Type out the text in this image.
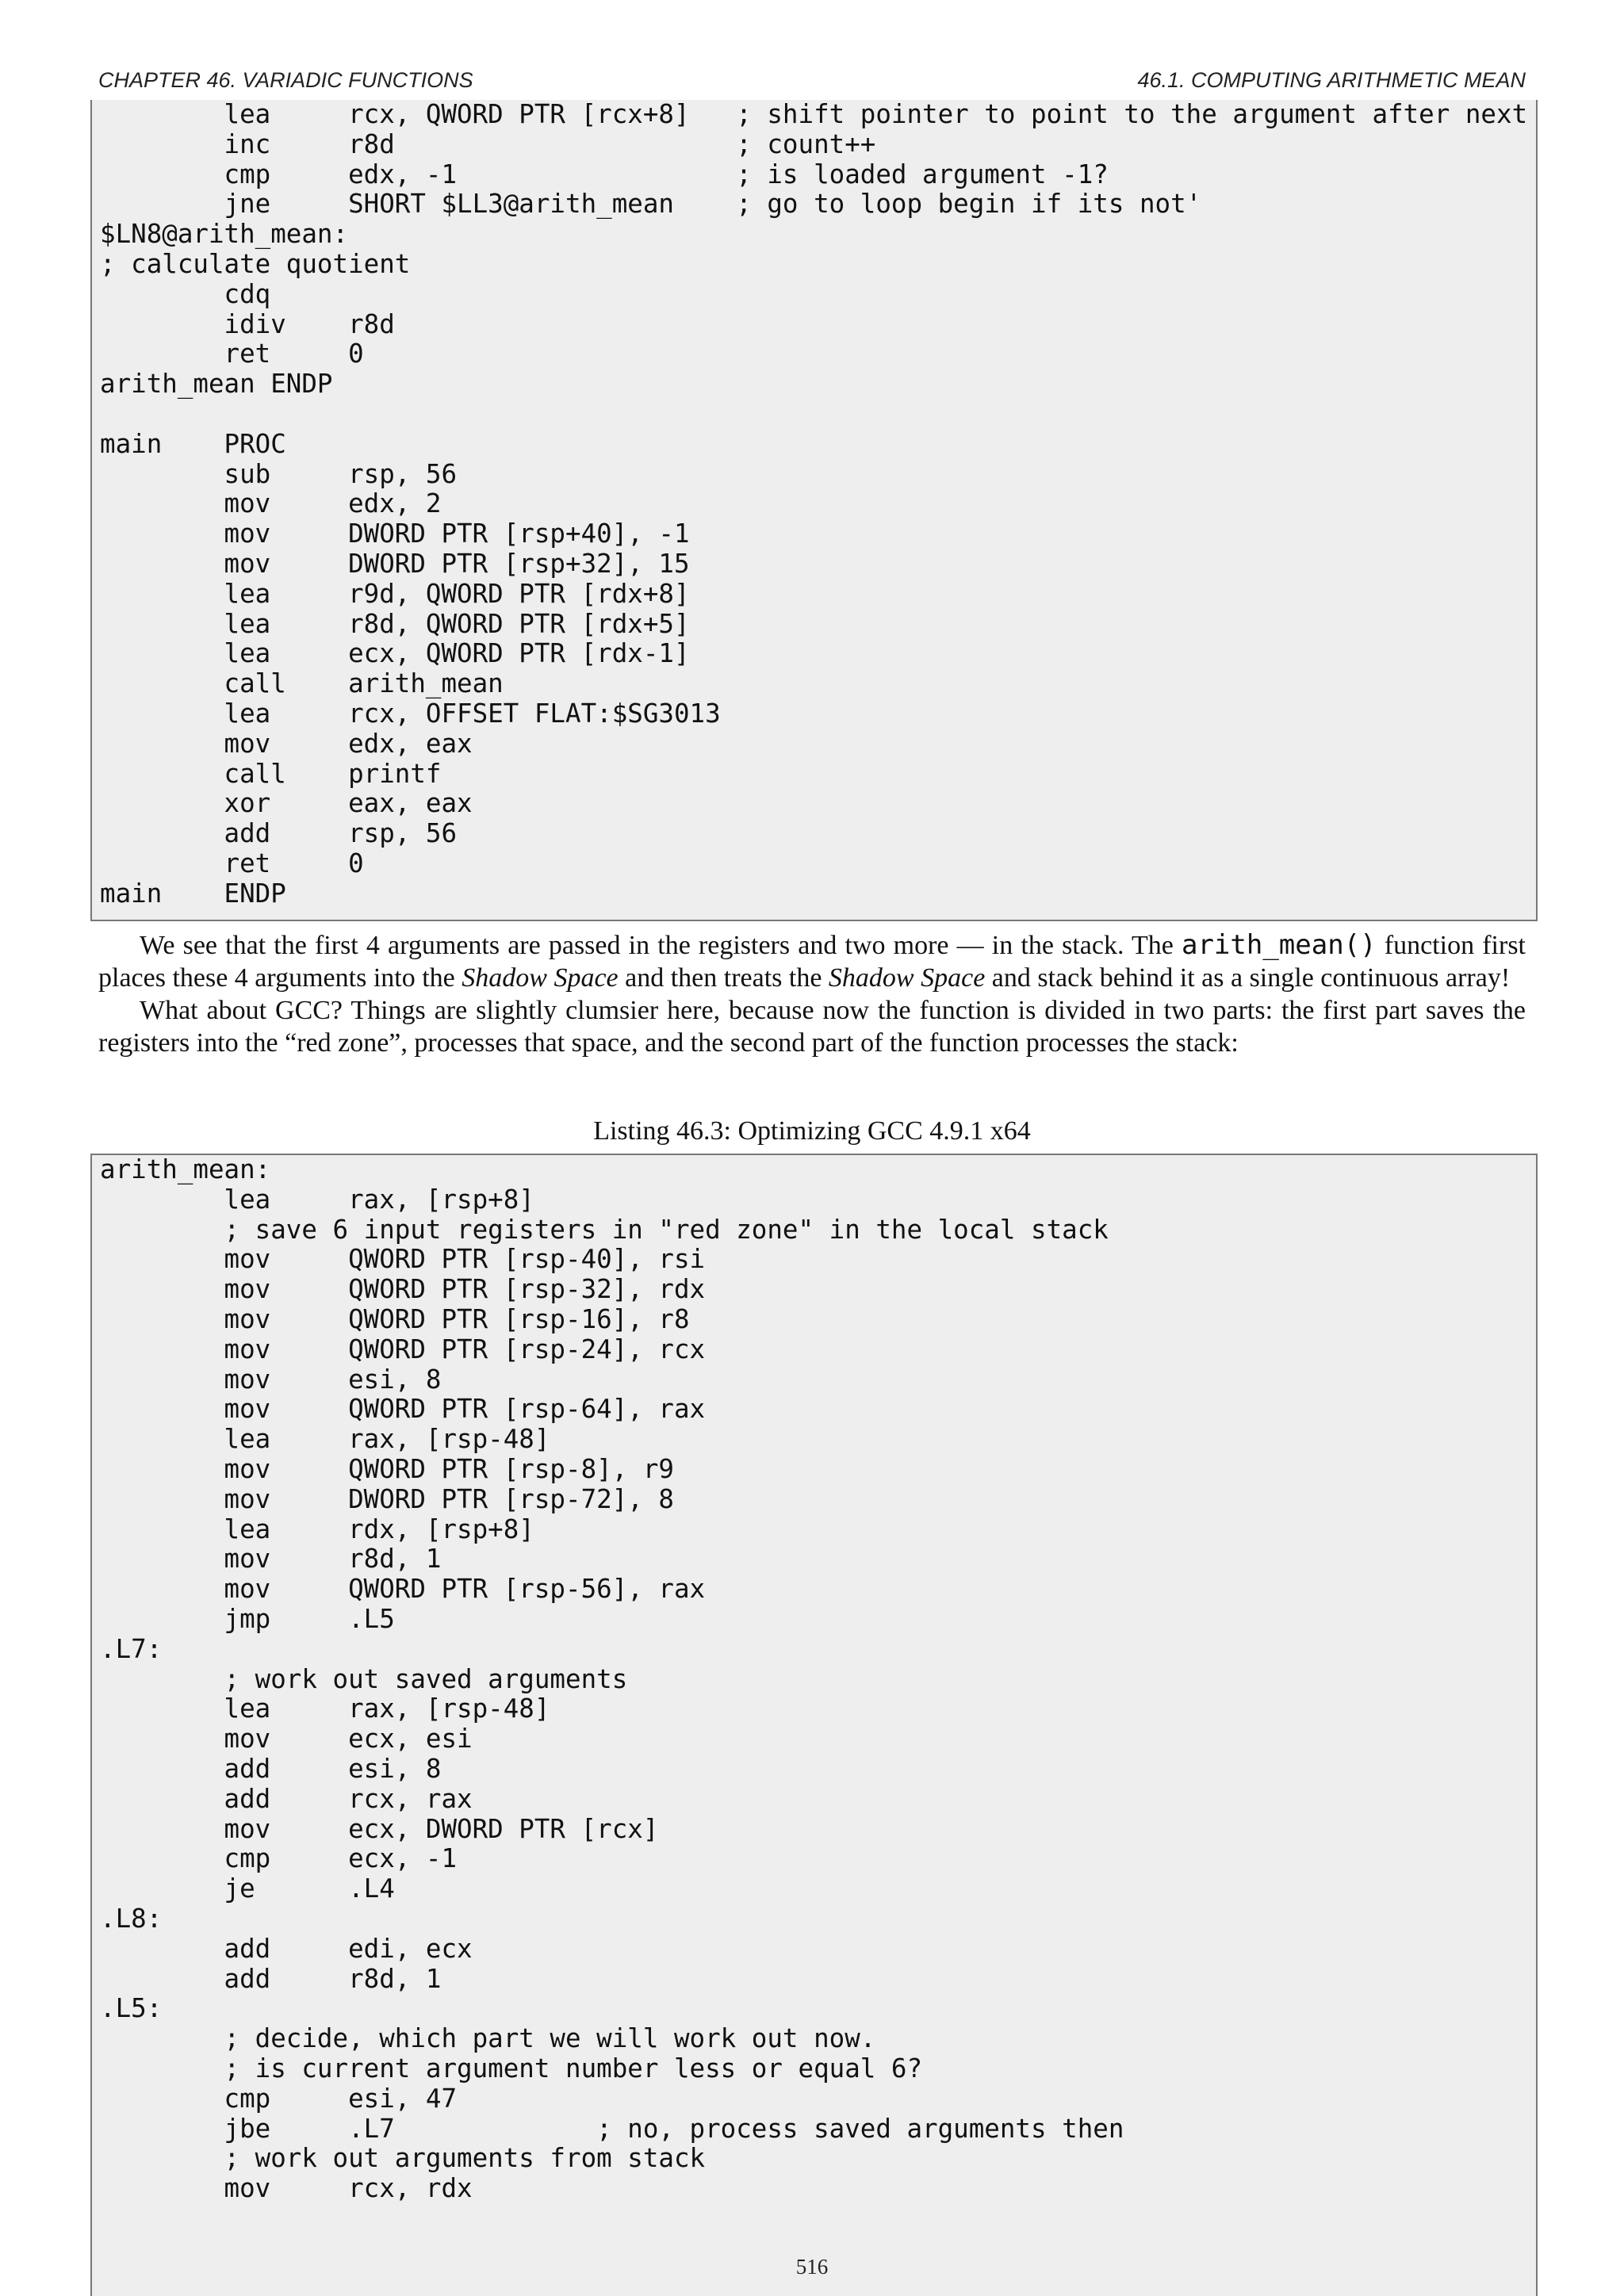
CHAPTER 46. VARIADIC FUNCTIONS	46.1. COMPUTING ARITHMETIC MEAN
lea     rcx, QWORD PTR [rcx+8]   ; shift pointer to point to the argument after next
inc     r8d                      ; count++
cmp     edx, -1                  ; is loaded argument -1?
jne     SHORT $LL3@arith_mean    ; go to loop begin if its not'
$LN8@arith_mean:
; calculate quotient
cdq
idiv    r8d
ret     0
arith_mean ENDP
main    PROC
sub     rsp, 56
mov     edx, 2
mov     DWORD PTR [rsp+40], -1
mov     DWORD PTR [rsp+32], 15
lea     r9d, QWORD PTR [rdx+8]
lea     r8d, QWORD PTR [rdx+5]
lea     ecx, QWORD PTR [rdx-1]
call    arith_mean
lea     rcx, OFFSET FLAT:$SG3013
mov     edx, eax
call    printf
xor     eax, eax
add     rsp, 56
ret     0
main    ENDP

We see that the first 4 arguments are passed in the registers and two more — in the stack. The arith_mean() function first places these 4 arguments into the Shadow Space and then treats the Shadow Space and stack behind it as a single continuous array!

What about GCC? Things are slightly clumsier here, because now the function is divided in two parts: the first part saves the registers into the “red zone”, processes that space, and the second part of the function processes the stack:

Listing 46.3: Optimizing GCC 4.9.1 x64
arith_mean:
lea     rax, [rsp+8]
; save 6 input registers in "red zone" in the local stack
mov     QWORD PTR [rsp-40], rsi
mov     QWORD PTR [rsp-32], rdx
mov     QWORD PTR [rsp-16], r8
mov     QWORD PTR [rsp-24], rcx
mov     esi, 8
mov     QWORD PTR [rsp-64], rax
lea     rax, [rsp-48]
mov     QWORD PTR [rsp-8], r9
mov     DWORD PTR [rsp-72], 8
lea     rdx, [rsp+8]
mov     r8d, 1
mov     QWORD PTR [rsp-56], rax
jmp     .L5
.L7:
; work out saved arguments
lea     rax, [rsp-48]
mov     ecx, esi
add     esi, 8
add     rcx, rax
mov     ecx, DWORD PTR [rcx]
cmp     ecx, -1
je      .L4
.L8:
add     edi, ecx
add     r8d, 1
.L5:
; decide, which part we will work out now.
; is current argument number less or equal 6?
cmp     esi, 47
jbe     .L7             ; no, process saved arguments then
; work out arguments from stack
mov     rcx, rdx
516
